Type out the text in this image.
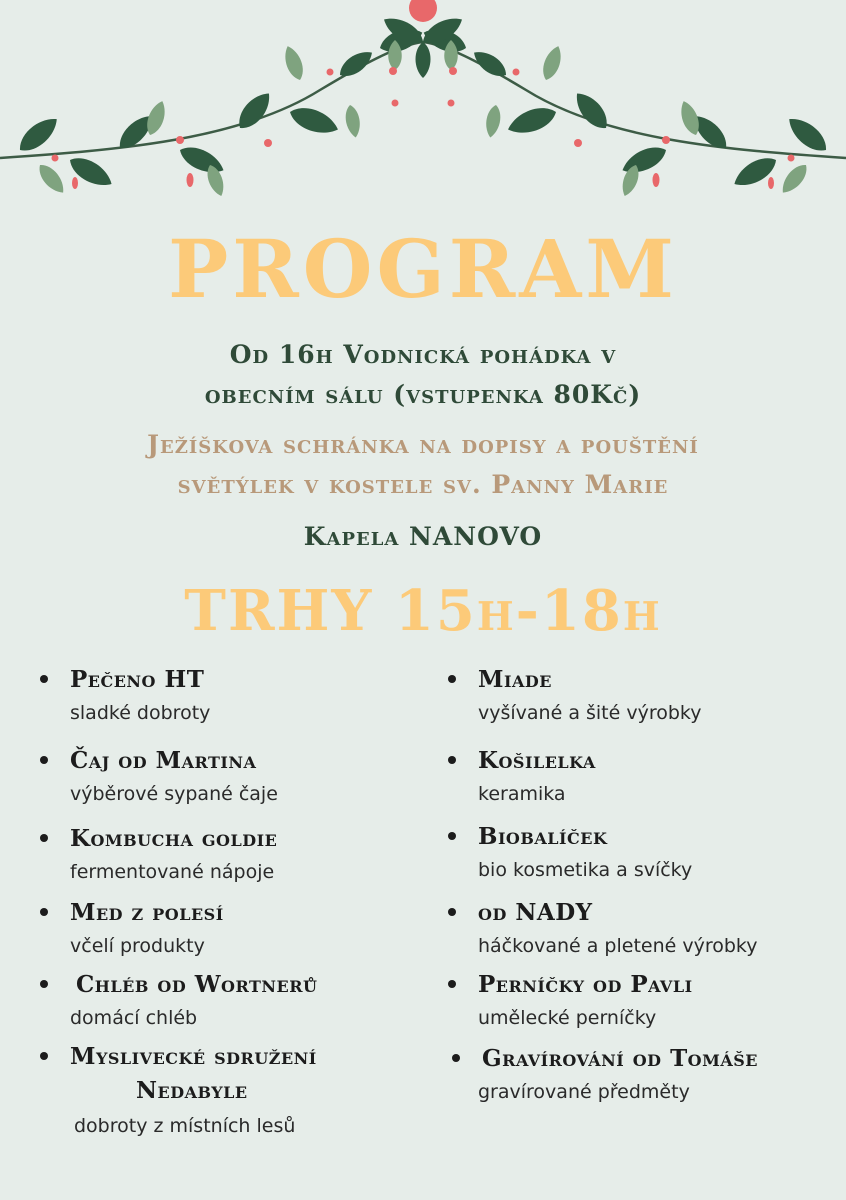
PROGRAM
Od 16h Vodnická pohádka v
obecním sálu (vstupenka 80Kč)
Ježíškova schránka na dopisy a pouštění
světýlek v kostele sv. Panny Marie
Kapela NANOVO
TRHY 15h-18h
Pečeno HT
sladké dobroty
Čaj od Martina
výběrové sypané čaje
Kombucha goldie
fermentované nápoje
Med z polesí
včelí produkty
Chléb od Wortnerů
domácí chléb
Myslivecké sdružení
Nedabyle
dobroty z místních lesů
Miade
vyšívané a šité výrobky
Košilelka
keramika
Biobalíček
bio kosmetika a svíčky
od NADY
háčkované a pletené výrobky
Perníčky od Pavli
umělecké perníčky
Gravírování od Tomáše
gravírované předměty
